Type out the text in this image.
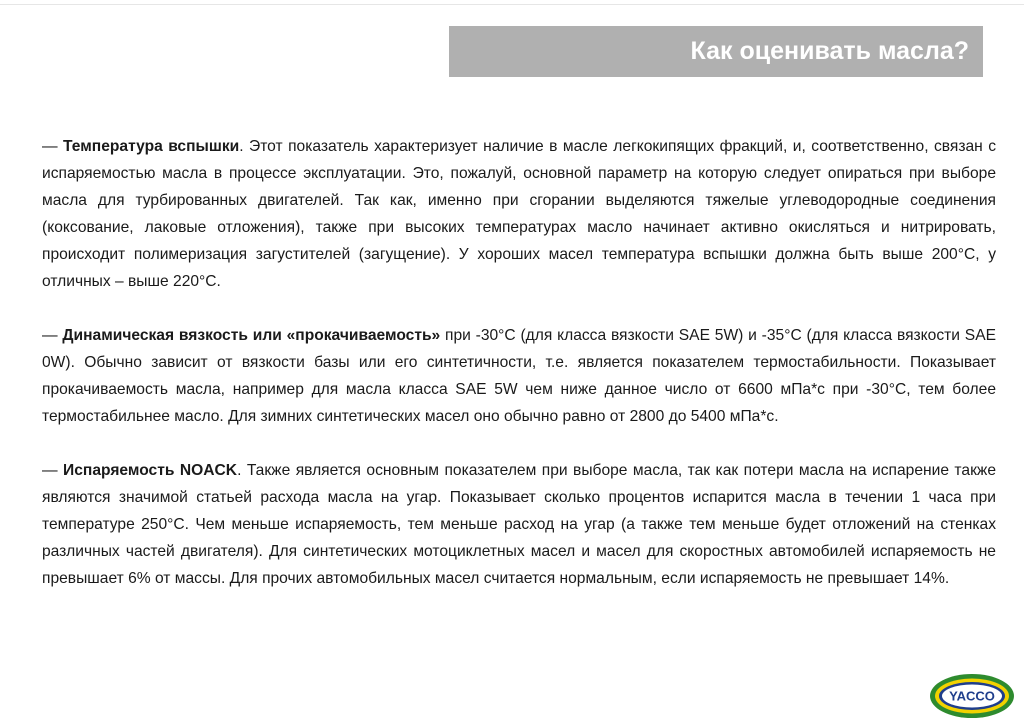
Как оценивать масла?

— Температура вспышки. Этот показатель характеризует наличие в масле легкокипящих фракций, и, соответственно, связан с испаряемостью масла в процессе эксплуатации. Это, пожалуй, основной параметр на которую следует опираться при выборе масла для турбированных двигателей. Так как, именно при сгорании выделяются тяжелые углеводородные соединения (коксование, лаковые отложения), также при высоких температурах масло начинает активно окисляться и нитрировать, происходит полимеризация загустителей (загущение). У хороших масел температура вспышки должна быть выше 200°С, у отличных – выше 220°С.

— Динамическая вязкость или «прокачиваемость» при -30°С (для класса вязкости SAE 5W) и -35°С (для класса вязкости SAE 0W). Обычно зависит от вязкости базы или его синтетичности, т.е. является показателем термостабильности. Показывает прокачиваемость масла, например для масла класса SAE 5W чем ниже данное число от 6600 мПа*с при -30°С, тем более термостабильнее масло. Для зимних синтетических масел оно обычно равно от 2800 до 5400 мПа*с.

— Испаряемость NOACK. Также является основным показателем при выборе масла, так как потери масла на испарение также являются значимой статьей расхода масла на угар. Показывает сколько процентов испарится масла в течении 1 часа при температуре 250°С. Чем меньше испаряемость, тем меньше расход на угар (а также тем меньше будет отложений на стенках различных частей двигателя). Для синтетических мотоциклетных масел и масел для скоростных автомобилей испаряемость не превышает 6% от массы. Для прочих автомобильных масел считается нормальным, если испаряемость не превышает 14%.

YACCO
